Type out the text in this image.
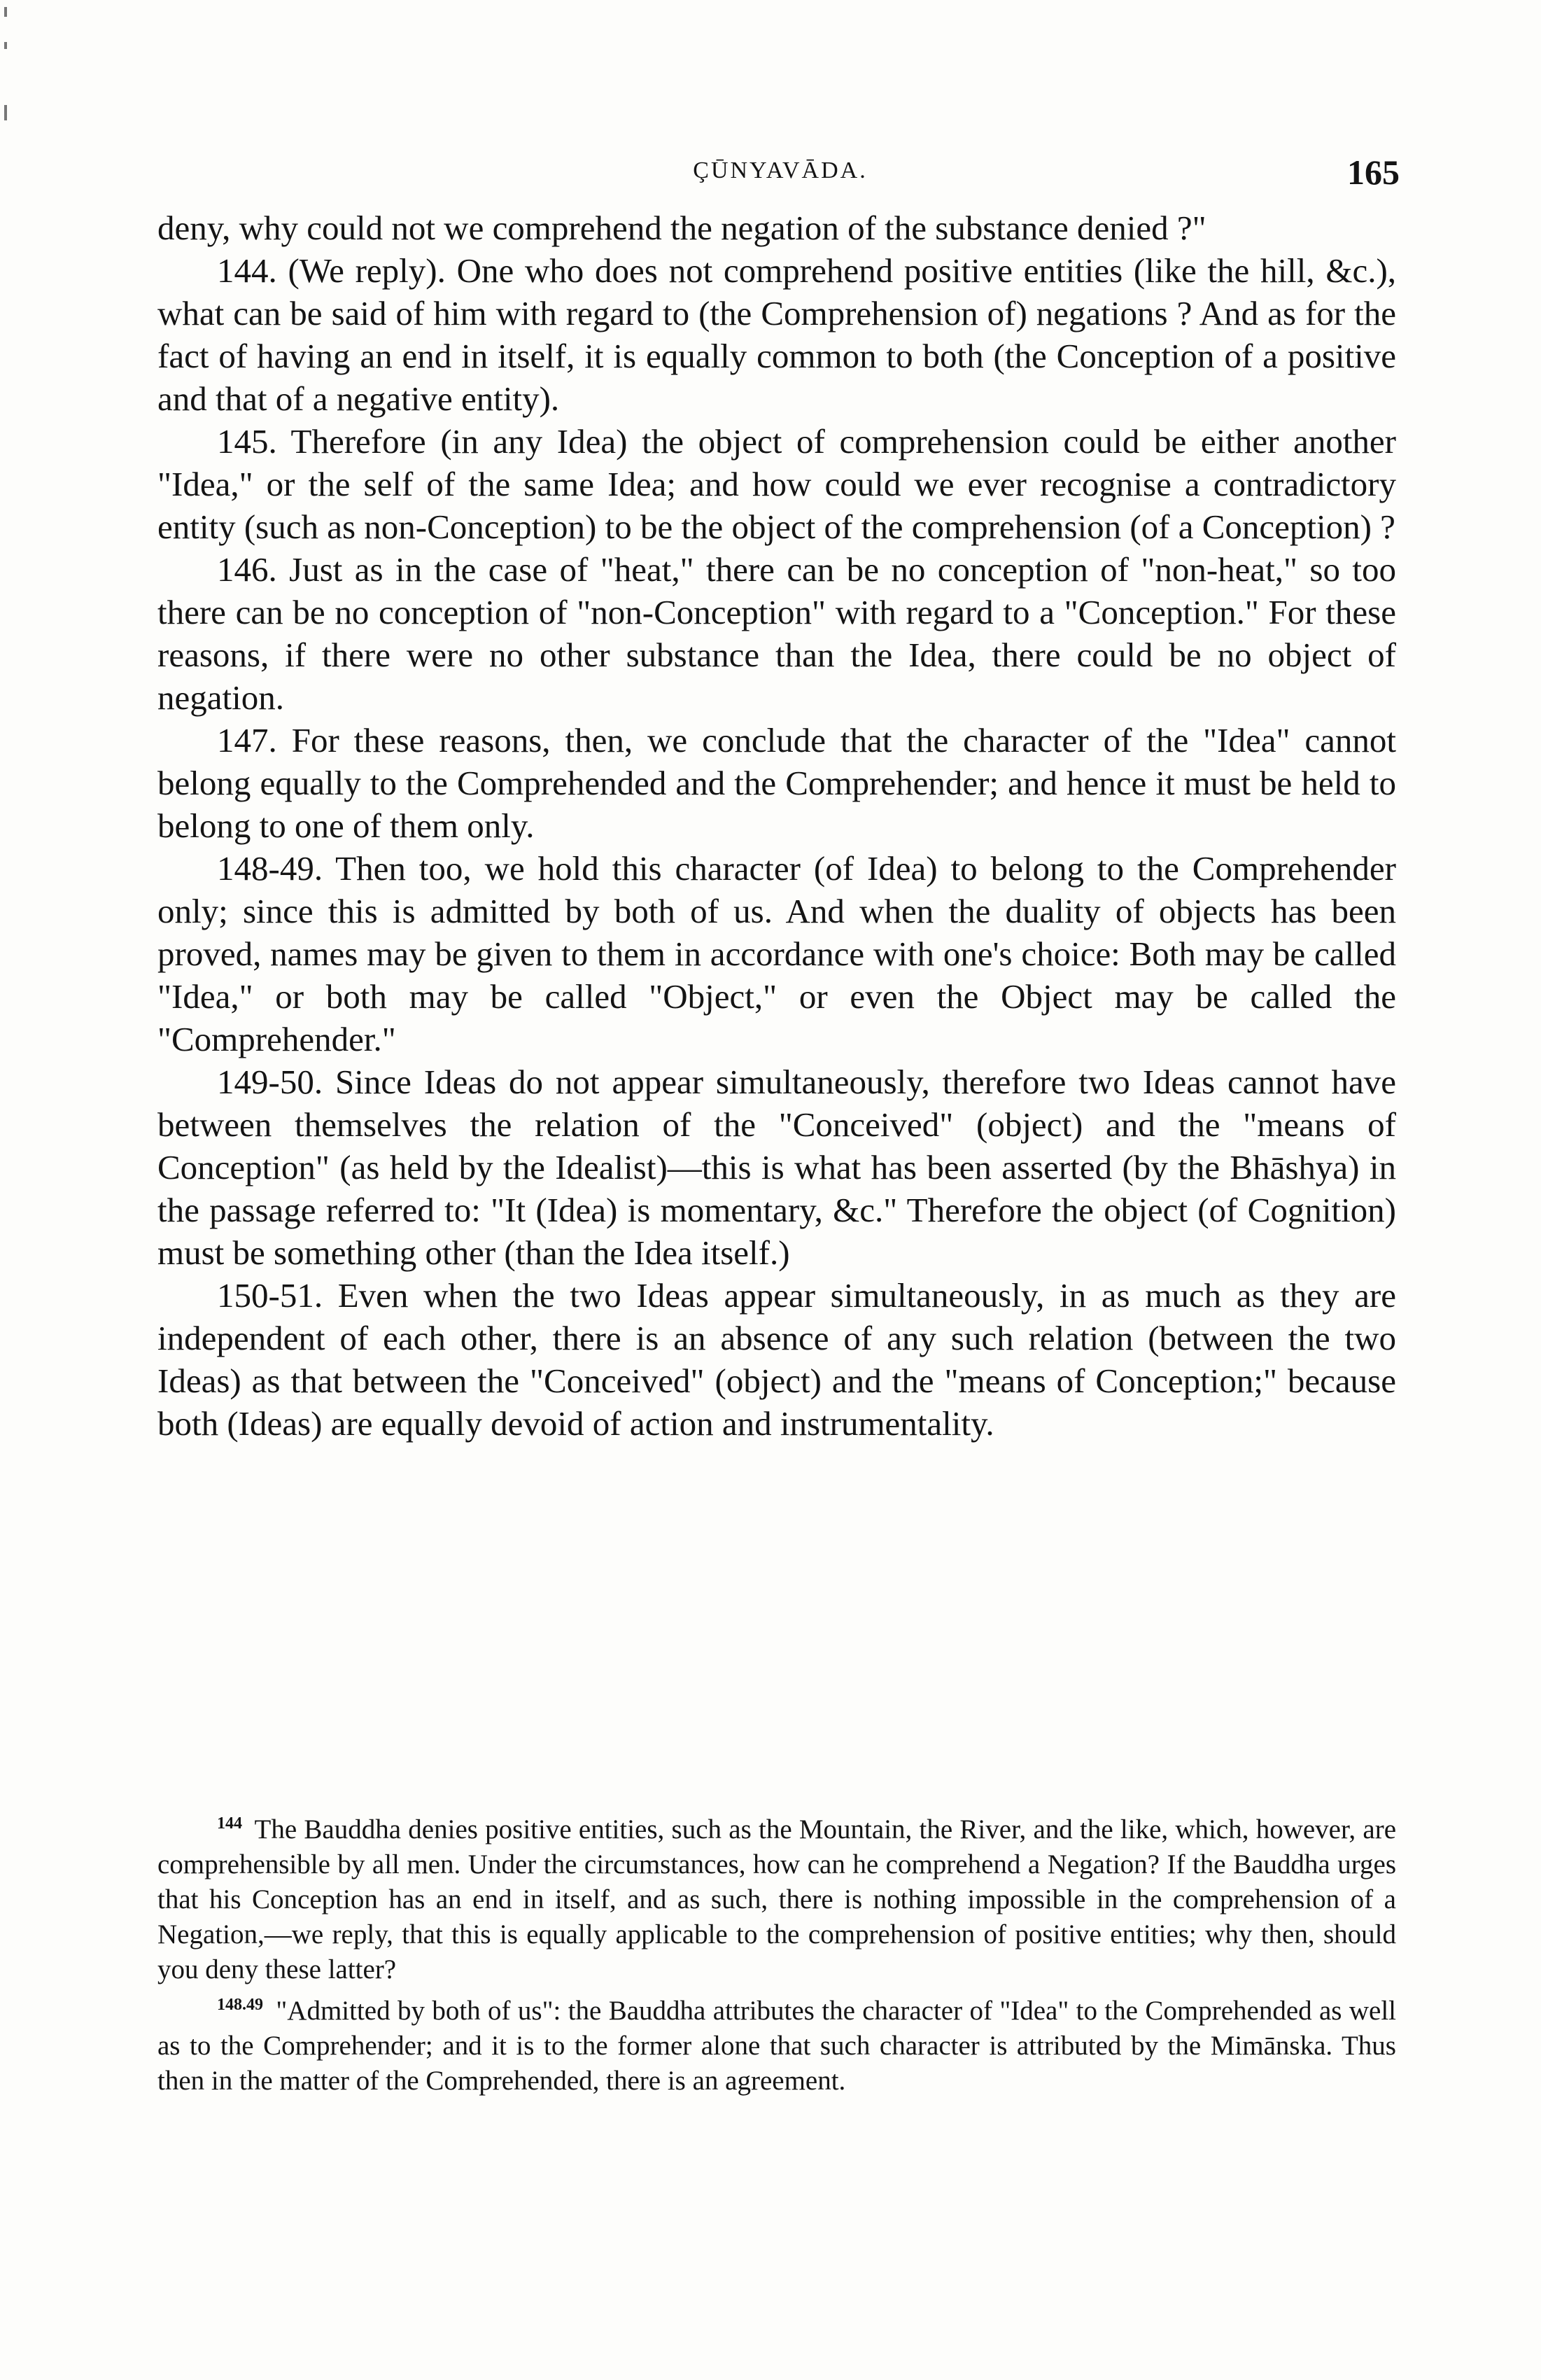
ÇŪNYAVĀDA.	165

deny, why could not we comprehend the negation of the substance denied ?"

144. (We reply). One who does not comprehend positive entities (like the hill, &c.), what can be said of him with regard to (the Comprehension of) negations ? And as for the fact of having an end in itself, it is equally common to both (the Conception of a positive and that of a negative entity).

145. Therefore (in any Idea) the object of comprehension could be either another "Idea," or the self of the same Idea; and how could we ever recognise a contradictory entity (such as non-Conception) to be the object of the comprehension (of a Conception) ?

146. Just as in the case of "heat," there can be no conception of "non-heat," so too there can be no conception of "non-Conception" with regard to a "Conception." For these reasons, if there were no other substance than the Idea, there could be no object of negation.

147. For these reasons, then, we conclude that the character of the "Idea" cannot belong equally to the Comprehended and the Comprehender; and hence it must be held to belong to one of them only.

148-49. Then too, we hold this character (of Idea) to belong to the Comprehender only; since this is admitted by both of us. And when the duality of objects has been proved, names may be given to them in accordance with one's choice: Both may be called "Idea," or both may be called "Object," or even the Object may be called the "Comprehender."

149-50. Since Ideas do not appear simultaneously, therefore two Ideas cannot have between themselves the relation of the "Conceived" (object) and the "means of Conception" (as held by the Idealist)—this is what has been asserted (by the Bhāshya) in the passage referred to: "It (Idea) is momentary, &c." Therefore the object (of Cognition) must be something other (than the Idea itself.)

150-51. Even when the two Ideas appear simultaneously, in as much as they are independent of each other, there is an absence of any such relation (between the two Ideas) as that between the "Conceived" (object) and the "means of Conception;" because both (Ideas) are equally devoid of action and instrumentality.

$^{144}$ The Bauddha denies positive entities, such as the Mountain, the River, and the like, which, however, are comprehensible by all men. Under the circumstances, how can he comprehend a Negation? If the Bauddha urges that his Conception has an end in itself, and as such, there is nothing impossible in the comprehension of a Negation,—we reply, that this is equally applicable to the comprehension of positive entities; why then, should you deny these latter?

$^{148.49}$ "Admitted by both of us": the Bauddha attributes the character of "Idea" to the Comprehended as well as to the Comprehender; and it is to the former alone that such character is attributed by the Mimānska. Thus then in the matter of the Comprehended, there is an agreement.
